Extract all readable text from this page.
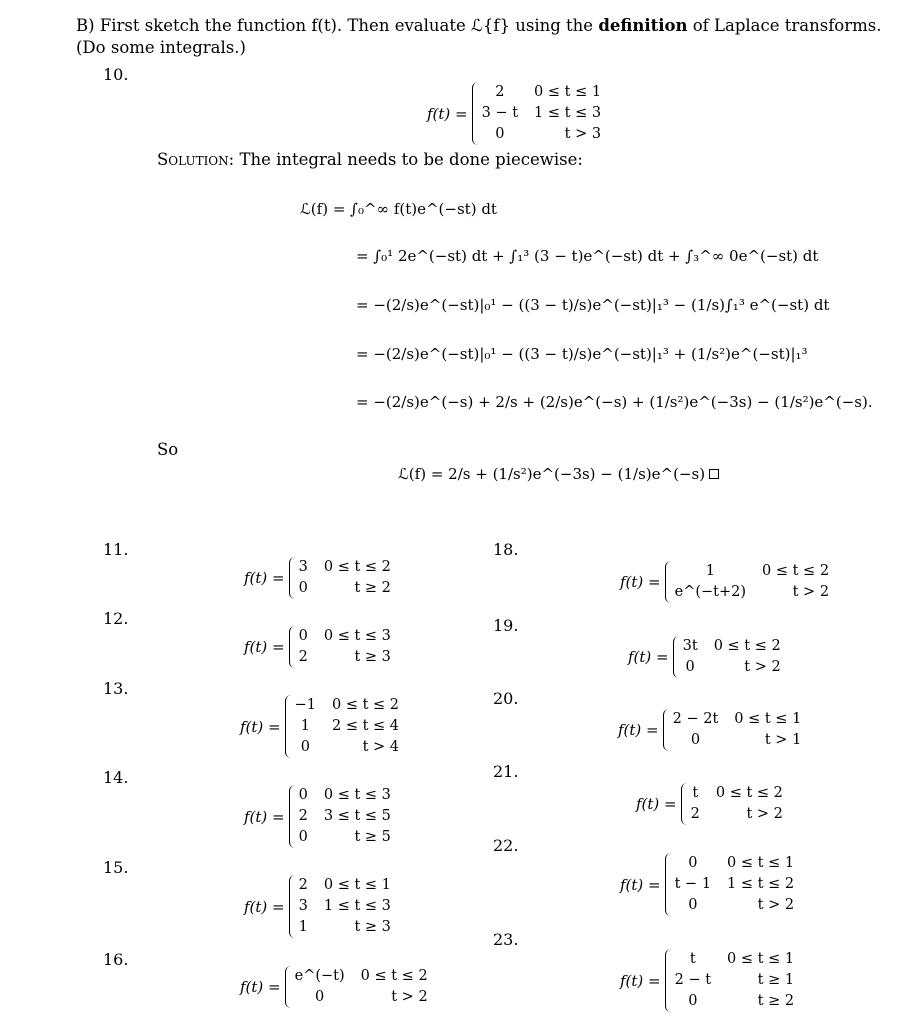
B) First sketch the function f(t). Then evaluate ℒ{f} using the definition of Laplace transforms. (Do some integrals.)
10.
f(t) =
2	0 ≤ t ≤ 1
3 − t	1 ≤ t ≤ 3
0	t > 3
Solution: The integral needs to be done piecewise:
ℒ(f) = ∫₀^∞ f(t)e^(−st) dt
= ∫₀¹ 2e^(−st) dt + ∫₁³ (3 − t)e^(−st) dt + ∫₃^∞ 0e^(−st) dt
= −(2/s)e^(−st)|₀¹ − ((3 − t)/s)e^(−st)|₁³ − (1/s)∫₁³ e^(−st) dt
= −(2/s)e^(−st)|₀¹ − ((3 − t)/s)e^(−st)|₁³ + (1/s²)e^(−st)|₁³
= −(2/s)e^(−s) + 2/s + (2/s)e^(−s) + (1/s²)e^(−3s) − (1/s²)e^(−s).
So
ℒ(f) = 2/s + (1/s²)e^(−3s) − (1/s)e^(−s)
11.
f(t) =
3	0 ≤ t ≤ 2
0	t ≥ 2
12.
f(t) =
0	0 ≤ t ≤ 3
2	t ≥ 3
13.
f(t) =
−1	0 ≤ t ≤ 2
1	2 ≤ t ≤ 4
0	t > 4
14.
f(t) =
0	0 ≤ t ≤ 3
2	3 ≤ t ≤ 5
0	t ≥ 5
15.
f(t) =
2	0 ≤ t ≤ 1
3	1 ≤ t ≤ 3
1	t ≥ 3
16.
f(t) =
e^(−t)	0 ≤ t ≤ 2
0	t > 2
18.
f(t) =
1	0 ≤ t ≤ 2
e^(−t+2)	t > 2
19.
f(t) =
3t	0 ≤ t ≤ 2
0	t > 2
20.
f(t) =
2 − 2t	0 ≤ t ≤ 1
0	t > 1
21.
f(t) =
t	0 ≤ t ≤ 2
2	t > 2
22.
f(t) =
0	0 ≤ t ≤ 1
t − 1	1 ≤ t ≤ 2
0	t > 2
23.
f(t) =
t	0 ≤ t ≤ 1
2 − t	t ≥ 1
0	t ≥ 2
